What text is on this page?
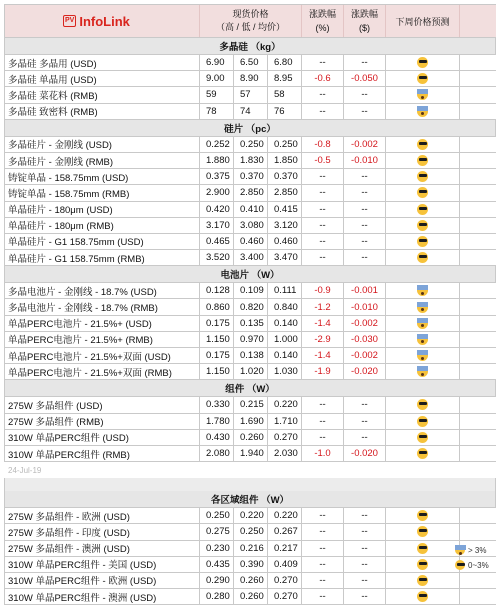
PV InfoLink	现货价格
（高 / 低 / 均价）
涨跌幅
(%)
涨跌幅
($)
下周价格预测
多晶硅 （kg）
多晶硅 多晶用 (USD)	6.90	6.50	6.80	--	--
多晶硅 单晶用 (USD)	9.00	8.90	8.95	-0.6	-0.050
多晶硅 菜花料 (RMB)	59	57	58	--	--
多晶硅 致密料 (RMB)	78	74	76	--	--
硅片 （pc）
多晶硅片 - 金刚线 (USD)	0.252	0.250	0.250	-0.8	-0.002
多晶硅片 - 金刚线 (RMB)	1.880	1.830	1.850	-0.5	-0.010
铸锭单晶 - 158.75mm (USD)	0.375	0.370	0.370	--	--
铸锭单晶 - 158.75mm (RMB)	2.900	2.850	2.850	--	--
单晶硅片 - 180μm (USD)	0.420	0.410	0.415	--	--
单晶硅片 - 180μm (RMB)	3.170	3.080	3.120	--	--
单晶硅片 - G1 158.75mm (USD)	0.465	0.460	0.460	--	--
单晶硅片 - G1 158.75mm (RMB)	3.520	3.400	3.470	--	--
电池片 （W）
多晶电池片 - 金刚线 - 18.7% (USD)	0.128	0.109	0.111	-0.9	-0.001
多晶电池片 - 金刚线 - 18.7% (RMB)	0.860	0.820	0.840	-1.2	-0.010
单晶PERC电池片 - 21.5%+ (USD)	0.175	0.135	0.140	-1.4	-0.002
单晶PERC电池片 - 21.5%+ (RMB)	1.150	0.970	1.000	-2.9	-0.030
单晶PERC电池片 - 21.5%+双面 (USD)	0.175	0.138	0.140	-1.4	-0.002
单晶PERC电池片 - 21.5%+双面 (RMB)	1.150	1.020	1.030	-1.9	-0.020
组件 （W）
275W 多晶组件 (USD)	0.330	0.215	0.220	--	--
275W 多晶组件 (RMB)	1.780	1.690	1.710	--	--
310W 单晶PERC组件 (USD)	0.430	0.260	0.270	--	--
310W 单晶PERC组件 (RMB)	2.080	1.940	2.030	-1.0	-0.020
24-Jul-19
各区域组件 （W）
275W 多晶组件 - 欧洲 (USD)	0.250	0.220	0.220	--	--
275W 多晶组件 - 印度 (USD)	0.275	0.250	0.267	--	--
275W 多晶组件 - 澳洲 (USD)	0.230	0.216	0.217	--	--
310W 单晶PERC组件 - 美国 (USD)	0.435	0.390	0.409	--	--
310W 单晶PERC组件 - 欧洲 (USD)	0.290	0.260	0.270	--	--
310W 单晶PERC组件 - 澳洲 (USD)	0.280	0.260	0.270	--	--
> 3%
0~3%
